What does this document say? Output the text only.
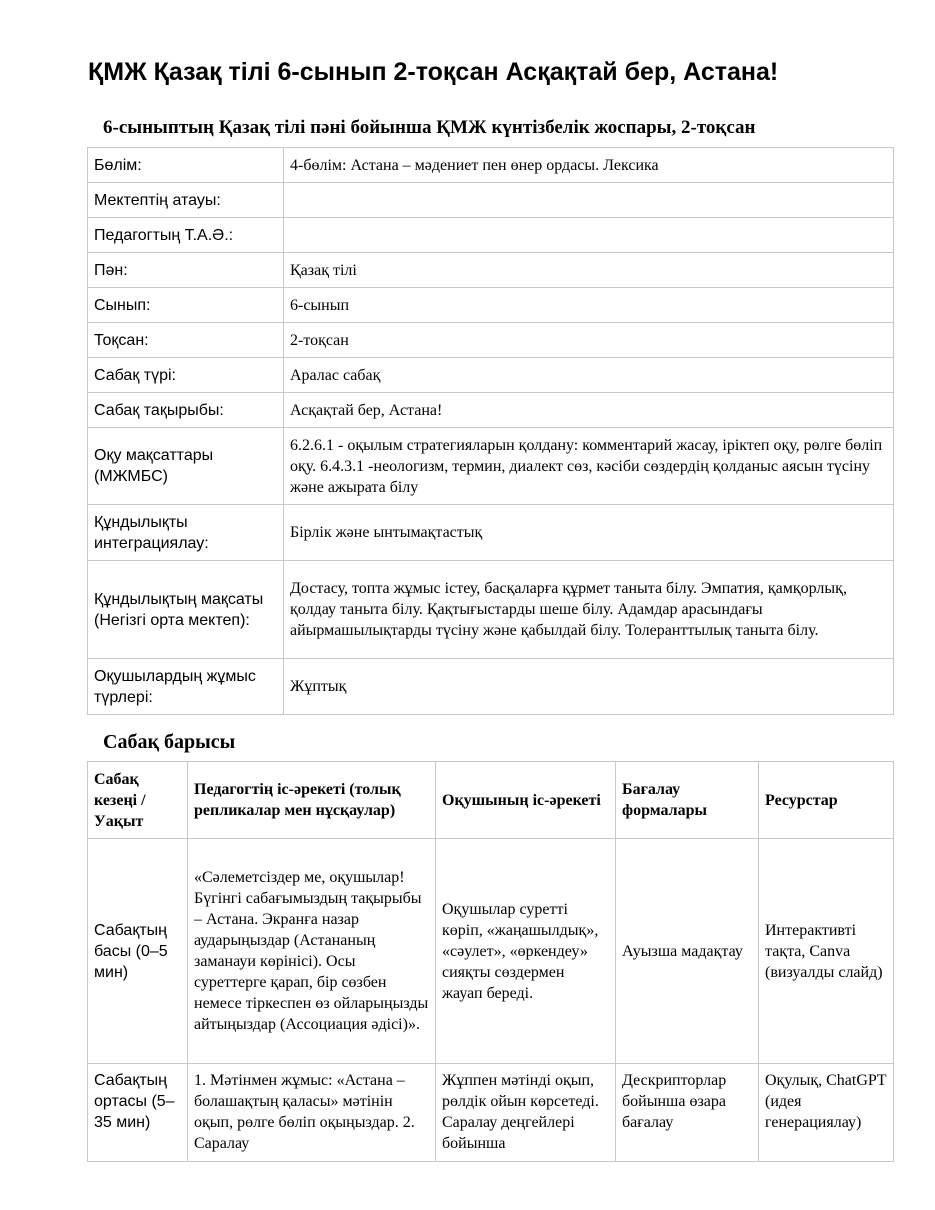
ҚМЖ Қазақ тілі 6-сынып 2-тоқсан Асқақтай бер, Астана!
6-сыныптың Қазақ тілі пәні бойынша ҚМЖ күнтізбелік жоспары, 2-тоқсан
Бөлім:	4-бөлім: Астана – мәдениет пен өнер ордасы. Лексика
Мектептің атауы:	
Педагогтың Т.А.Ә.:	
Пән:	Қазақ тілі
Сынып:	6-сынып
Тоқсан:	2-тоқсан
Сабақ түрі:	Аралас сабақ
Сабақ тақырыбы:	Асқақтай бер, Астана!
Оқу мақсаттары (МЖМБС)	6.2.6.1 - оқылым стратегияларын қолдану: комментарий жасау, іріктеп оқу, рөлге бөліп оқу. 6.4.3.1 -неологизм, термин, диалект сөз, кәсіби сөздердің қолданыс аясын түсіну және ажырата білу
Құндылықты интеграциялау:	Бірлік және ынтымақтастық
Құндылықтың мақсаты (Негізгі орта мектеп):	Достасу, топта жұмыс істеу, басқаларға құрмет таныта білу. Эмпатия, қамқорлық, қолдау таныта білу. Қақтығыстарды шеше білу. Адамдар арасындағы айырмашылықтарды түсіну және қабылдай білу. Толеранттылық таныта білу.
Оқушылардың жұмыс түрлері:	Жұптық
Сабақ барысы
Сабақ кезеңі / Уақыт	Педагогтің іс-әрекеті (толық репликалар мен нұсқаулар)	Оқушының іс-әрекеті	Бағалау формалары	Ресурстар
Сабақтың басы (0–5 мин)	«Сәлеметсіздер ме, оқушылар! Бүгінгі сабағымыздың тақырыбы – Астана. Экранға назар аударыңыздар (Астананың заманауи көрінісі). Осы суреттерге қарап, бір сөзбен немесе тіркеспен өз ойларыңызды айтыңыздар (Ассоциация әдісі)».	Оқушылар суретті көріп, «жаңашылдық», «сәулет», «өркендеу» сияқты сөздермен жауап береді.	Ауызша мадақтау	Интерактивті тақта, Canva (визуалды слайд)
Сабақтың ортасы (5–35 мин)	1. Мәтінмен жұмыс: «Астана – болашақтың қаласы» мәтінін оқып, рөлге бөліп оқыңыздар. 2. Саралау	Жұппен мәтінді оқып, рөлдік ойын көрсетеді. Саралау деңгейлері бойынша	Дескрипторлар бойынша өзара бағалау	Оқулық, ChatGPT (идея генерациялау)
